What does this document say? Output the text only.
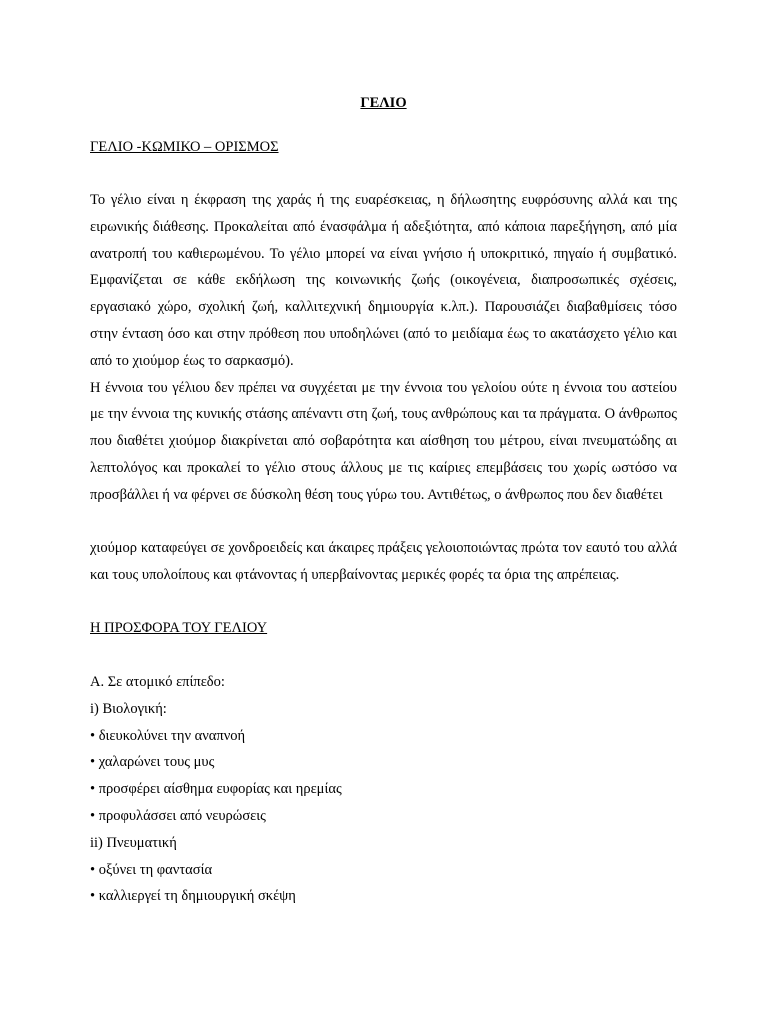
ΓΕΛΙΟ
ΓΕΛΙΟ -ΚΩΜΙΚΟ – ΟΡΙΣΜΟΣ

Το γέλιο είναι η έκφραση της χαράς ή της ευαρέσκειας, η δήλωσητης ευφρόσυνης αλλά και της ειρωνικής διάθεσης. Προκαλείται από ένασφάλμα ή αδεξιότητα, από κάποια παρεξήγηση, από μία ανατροπή του καθιερωμένου. Το γέλιο μπορεί να είναι γνήσιο ή υποκριτικό, πηγαίο ή συμβατικό. Εμφανίζεται σε κάθε εκδήλωση της κοινωνικής ζωής (οικογένεια, διαπροσωπικές σχέσεις, εργασιακό χώρο, σχολική ζωή, καλλιτεχνική δημιουργία κ.λπ.). Παρουσιάζει διαβαθμίσεις τόσο στην ένταση όσο και στην πρόθεση που υποδηλώνει (από το μειδίαμα έως το ακατάσχετο γέλιο και από το χιούμορ έως το σαρκασμό).

Η έννοια του γέλιου δεν πρέπει να συγχέεται με την έννοια του γελοίου ούτε η έννοια του αστείου με την έννοια της κυνικής στάσης απέναντι στη ζωή, τους ανθρώπους και τα πράγματα. Ο άνθρωπος που διαθέτει χιούμορ διακρίνεται από σοβαρότητα και αίσθηση του μέτρου, είναι πνευματώδης αι λεπτολόγος και προκαλεί το γέλιο στους άλλους με τις καίριες επεμβάσεις του χωρίς ωστόσο να προσβάλλει ή να φέρνει σε δύσκολη θέση τους γύρω του. Αντιθέτως, ο άνθρωπος που δεν διαθέτει

χιούμορ καταφεύγει σε χονδροειδείς και άκαιρες πράξεις γελοιοποιώντας πρώτα τον εαυτό του αλλά και τους υπολοίπους και φτάνοντας ή υπερβαίνοντας μερικές φορές τα όρια της απρέπειας.

Η ΠΡΟΣΦΟΡΑ ΤΟΥ ΓΕΛΙΟΥ
Α. Σε ατομικό επίπεδο:
i) Βιολογική:
• διευκολύνει την αναπνοή
• χαλαρώνει τους μυς
• προσφέρει αίσθημα ευφορίας και ηρεμίας
• προφυλάσσει από νευρώσεις
ii) Πνευματική
• οξύνει τη φαντασία
• καλλιεργεί τη δημιουργική σκέψη
